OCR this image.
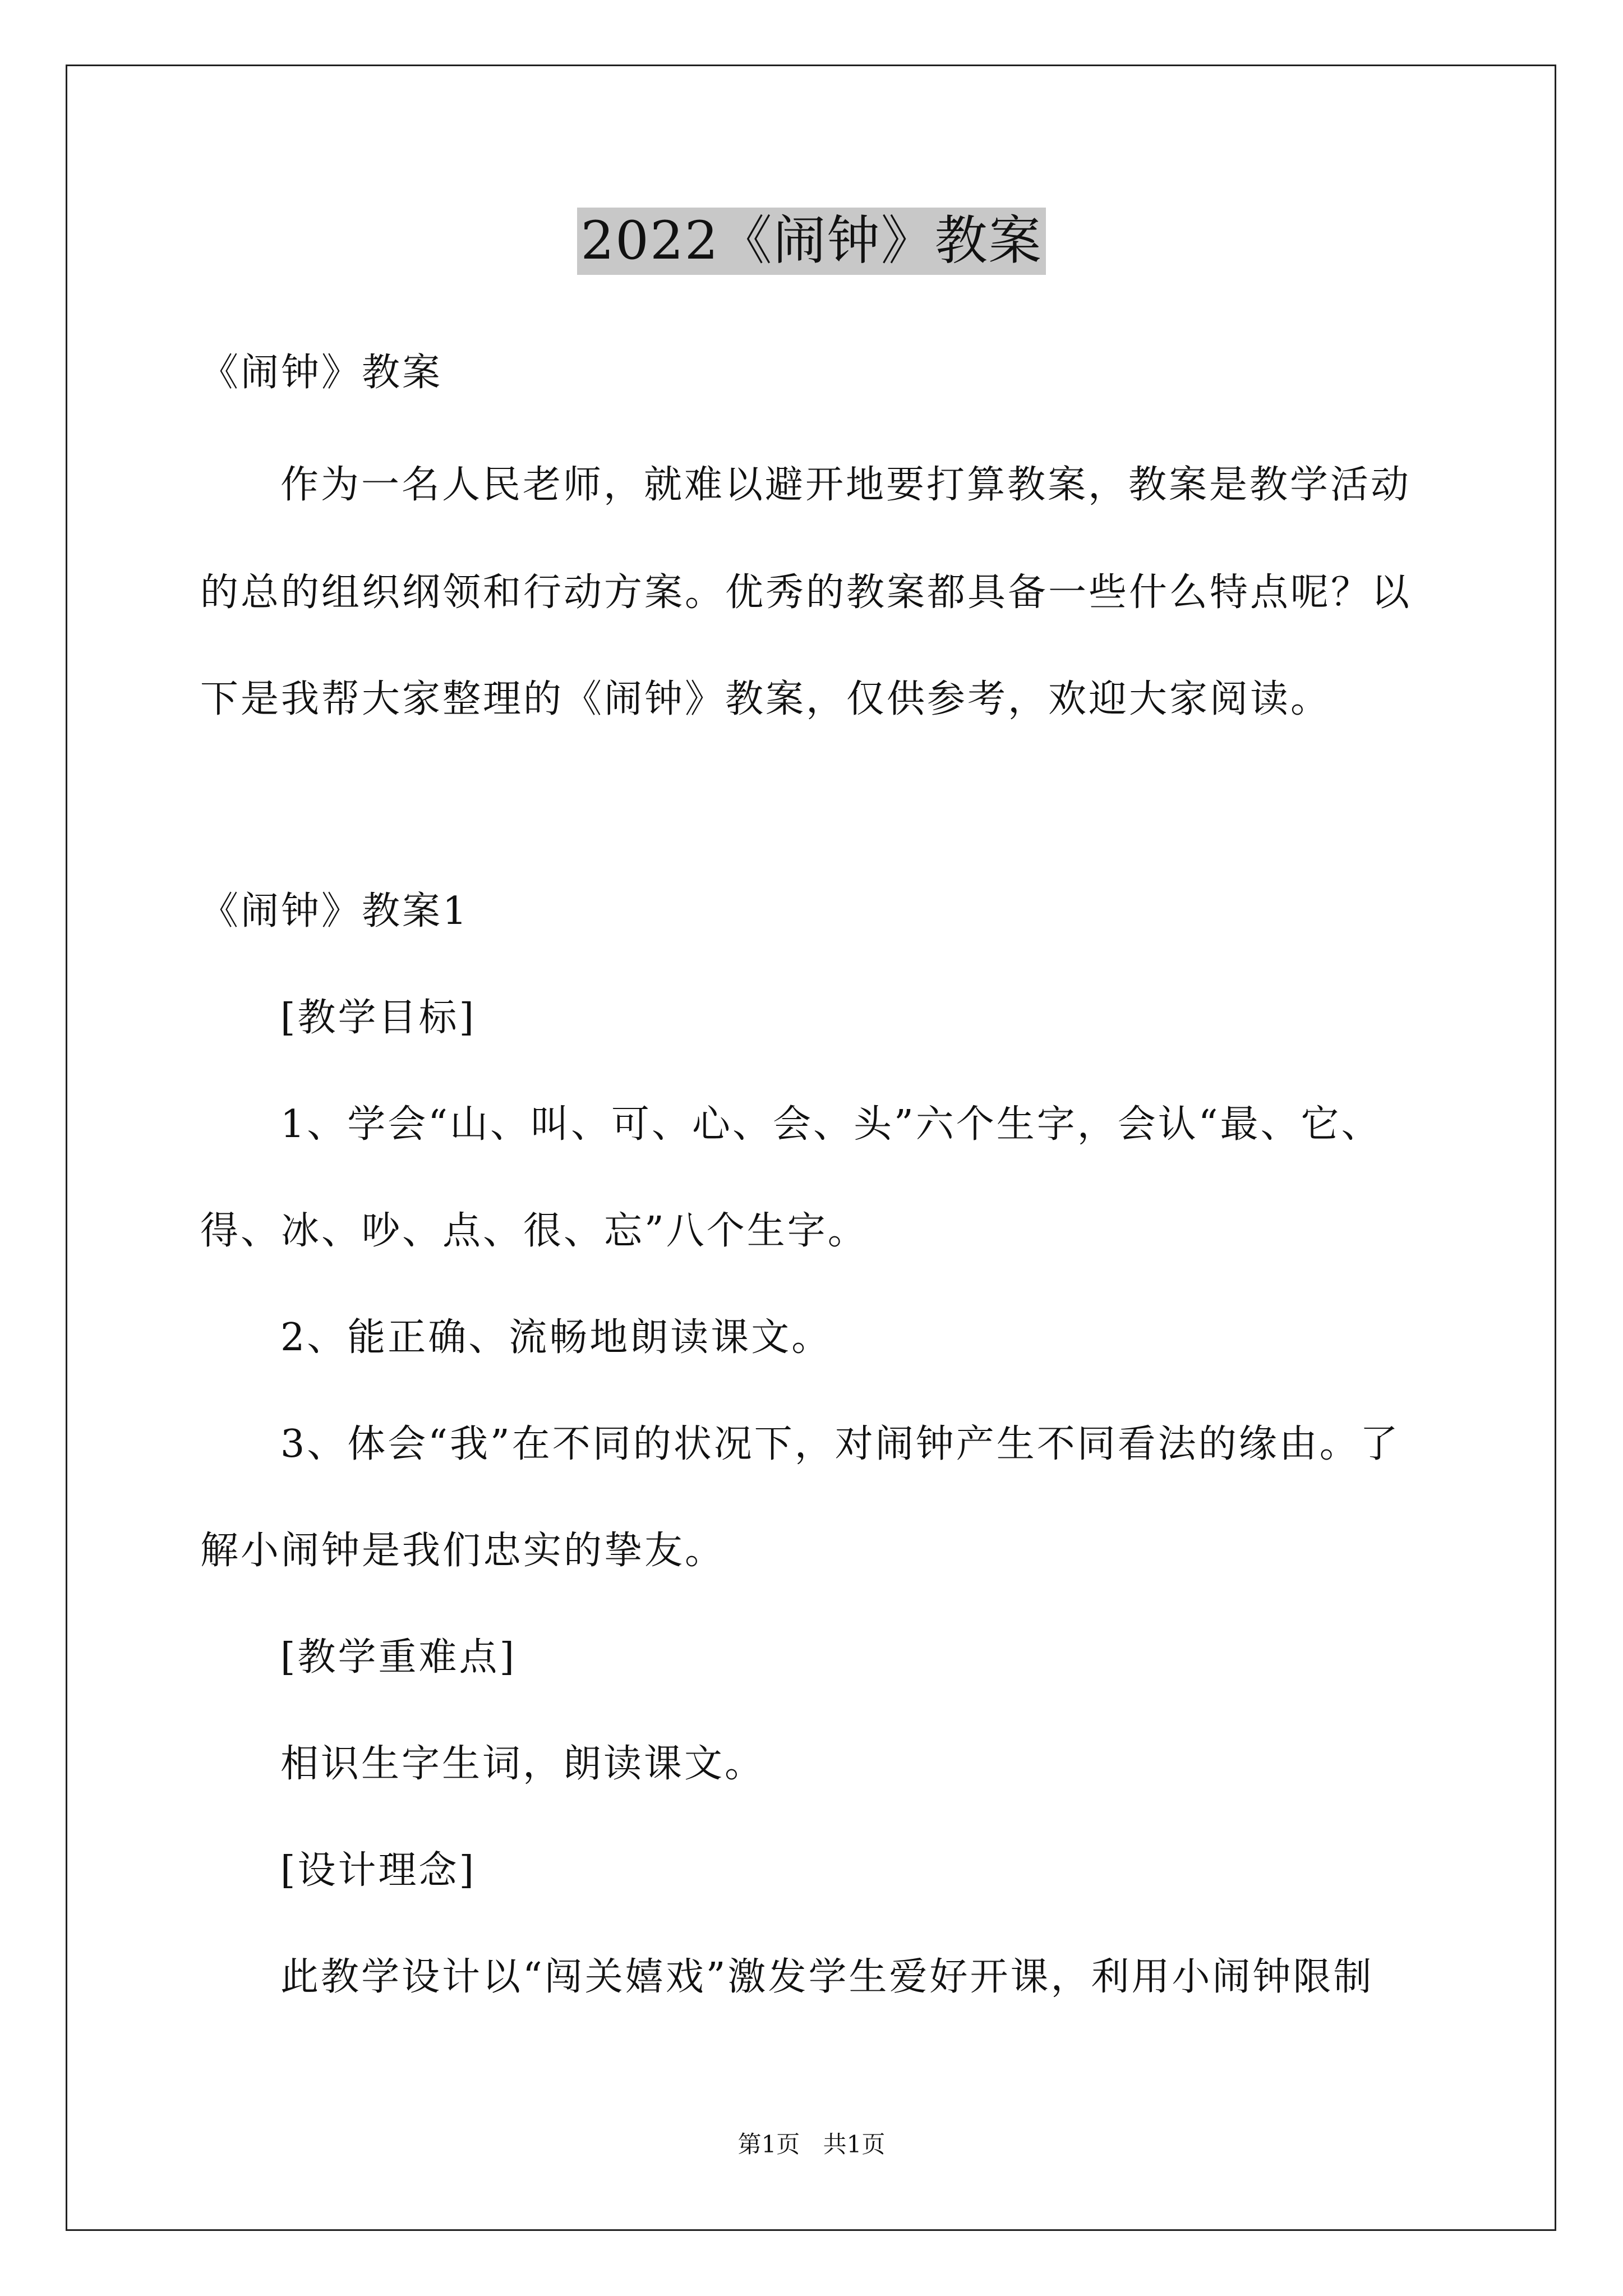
2022《闹钟》教案
《闹钟》教案
作为一名人民老师，就难以避开地要打算教案，教案是教学活动
的总的组织纲领和行动方案。优秀的教案都具备一些什么特点呢？以
下是我帮大家整理的《闹钟》教案，仅供参考，欢迎大家阅读。
《闹钟》教案1
[教学目标]
1、学会“山、叫、可、心、会、头”六个生字，会认“最、它、
得、冰、吵、点、很、忘”八个生字。
2、能正确、流畅地朗读课文。
3、体会“我”在不同的状况下，对闹钟产生不同看法的缘由。了
解小闹钟是我们忠实的挚友。
[教学重难点]
相识生字生词，朗读课文。
[设计理念]
此教学设计以“闯关嬉戏”激发学生爱好开课，利用小闹钟限制
第1页 共1页
